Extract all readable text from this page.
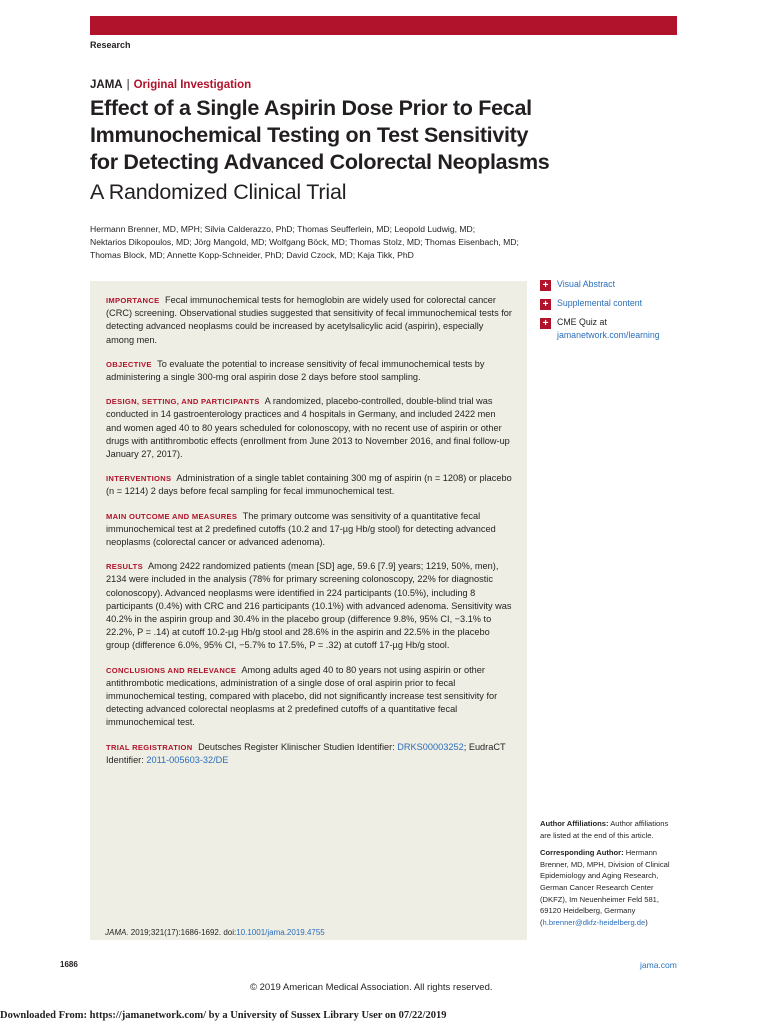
Research
JAMA | Original Investigation
Effect of a Single Aspirin Dose Prior to Fecal Immunochemical Testing on Test Sensitivity for Detecting Advanced Colorectal Neoplasms
A Randomized Clinical Trial
Hermann Brenner, MD, MPH; Silvia Calderazzo, PhD; Thomas Seufferlein, MD; Leopold Ludwig, MD;
Nektarios Dikopoulos, MD; Jörg Mangold, MD; Wolfgang Böck, MD; Thomas Stolz, MD; Thomas Eisenbach, MD;
Thomas Block, MD; Annette Kopp-Schneider, PhD; David Czock, MD; Kaja Tikk, PhD

IMPORTANCE Fecal immunochemical tests for hemoglobin are widely used for colorectal cancer (CRC) screening. Observational studies suggested that sensitivity of fecal immunochemical tests for detecting advanced neoplasms could be increased by acetylsalicylic acid (aspirin), especially among men.

OBJECTIVE To evaluate the potential to increase sensitivity of fecal immunochemical tests by administering a single 300-mg oral aspirin dose 2 days before stool sampling.

DESIGN, SETTING, AND PARTICIPANTS A randomized, placebo-controlled, double-blind trial was conducted in 14 gastroenterology practices and 4 hospitals in Germany, and included 2422 men and women aged 40 to 80 years scheduled for colonoscopy, with no recent use of aspirin or other drugs with antithrombotic effects (enrollment from June 2013 to November 2016, and final follow-up January 27, 2017).

INTERVENTIONS Administration of a single tablet containing 300 mg of aspirin (n = 1208) or placebo (n = 1214) 2 days before fecal sampling for fecal immunochemical test.

MAIN OUTCOME AND MEASURES The primary outcome was sensitivity of a quantitative fecal immunochemical test at 2 predefined cutoffs (10.2 and 17-µg Hb/g stool) for detecting advanced neoplasms (colorectal cancer or advanced adenoma).

RESULTS Among 2422 randomized patients (mean [SD] age, 59.6 [7.9] years; 1219, 50%, men), 2134 were included in the analysis (78% for primary screening colonoscopy, 22% for diagnostic colonoscopy). Advanced neoplasms were identified in 224 participants (10.5%), including 8 participants (0.4%) with CRC and 216 participants (10.1%) with advanced adenoma. Sensitivity was 40.2% in the aspirin group and 30.4% in the placebo group (difference 9.8%, 95% CI, −3.1% to 22.2%, P = .14) at cutoff 10.2-µg Hb/g stool and 28.6% in the aspirin and 22.5% in the placebo group (difference 6.0%, 95% CI, −5.7% to 17.5%, P = .32) at cutoff 17-µg Hb/g stool.

CONCLUSIONS AND RELEVANCE Among adults aged 40 to 80 years not using aspirin or other antithrombotic medications, administration of a single dose of oral aspirin prior to fecal immunochemical testing, compared with placebo, did not significantly increase test sensitivity for detecting advanced colorectal neoplasms at 2 predefined cutoffs of a quantitative fecal immunochemical test.

TRIAL REGISTRATION Deutsches Register Klinischer Studien Identifier: DRKS00003252; EudraCT Identifier: 2011-005603-32/DE

JAMA. 2019;321(17):1686-1692. doi:10.1001/jama.2019.4755
+ Visual Abstract
+ Supplemental content
+ CME Quiz at
jamanetwork.com/learning

Author Affiliations: Author affiliations are listed at the end of this article.

Corresponding Author: Hermann Brenner, MD, MPH, Division of Clinical Epidemiology and Aging Research, German Cancer Research Center (DKFZ), Im Neuenheimer Feld 581, 69120 Heidelberg, Germany (h.brenner@dkfz-heidelberg.de)

1686	jama.com
© 2019 American Medical Association. All rights reserved.
Downloaded From: https://jamanetwork.com/ by a University of Sussex Library User on 07/22/2019
